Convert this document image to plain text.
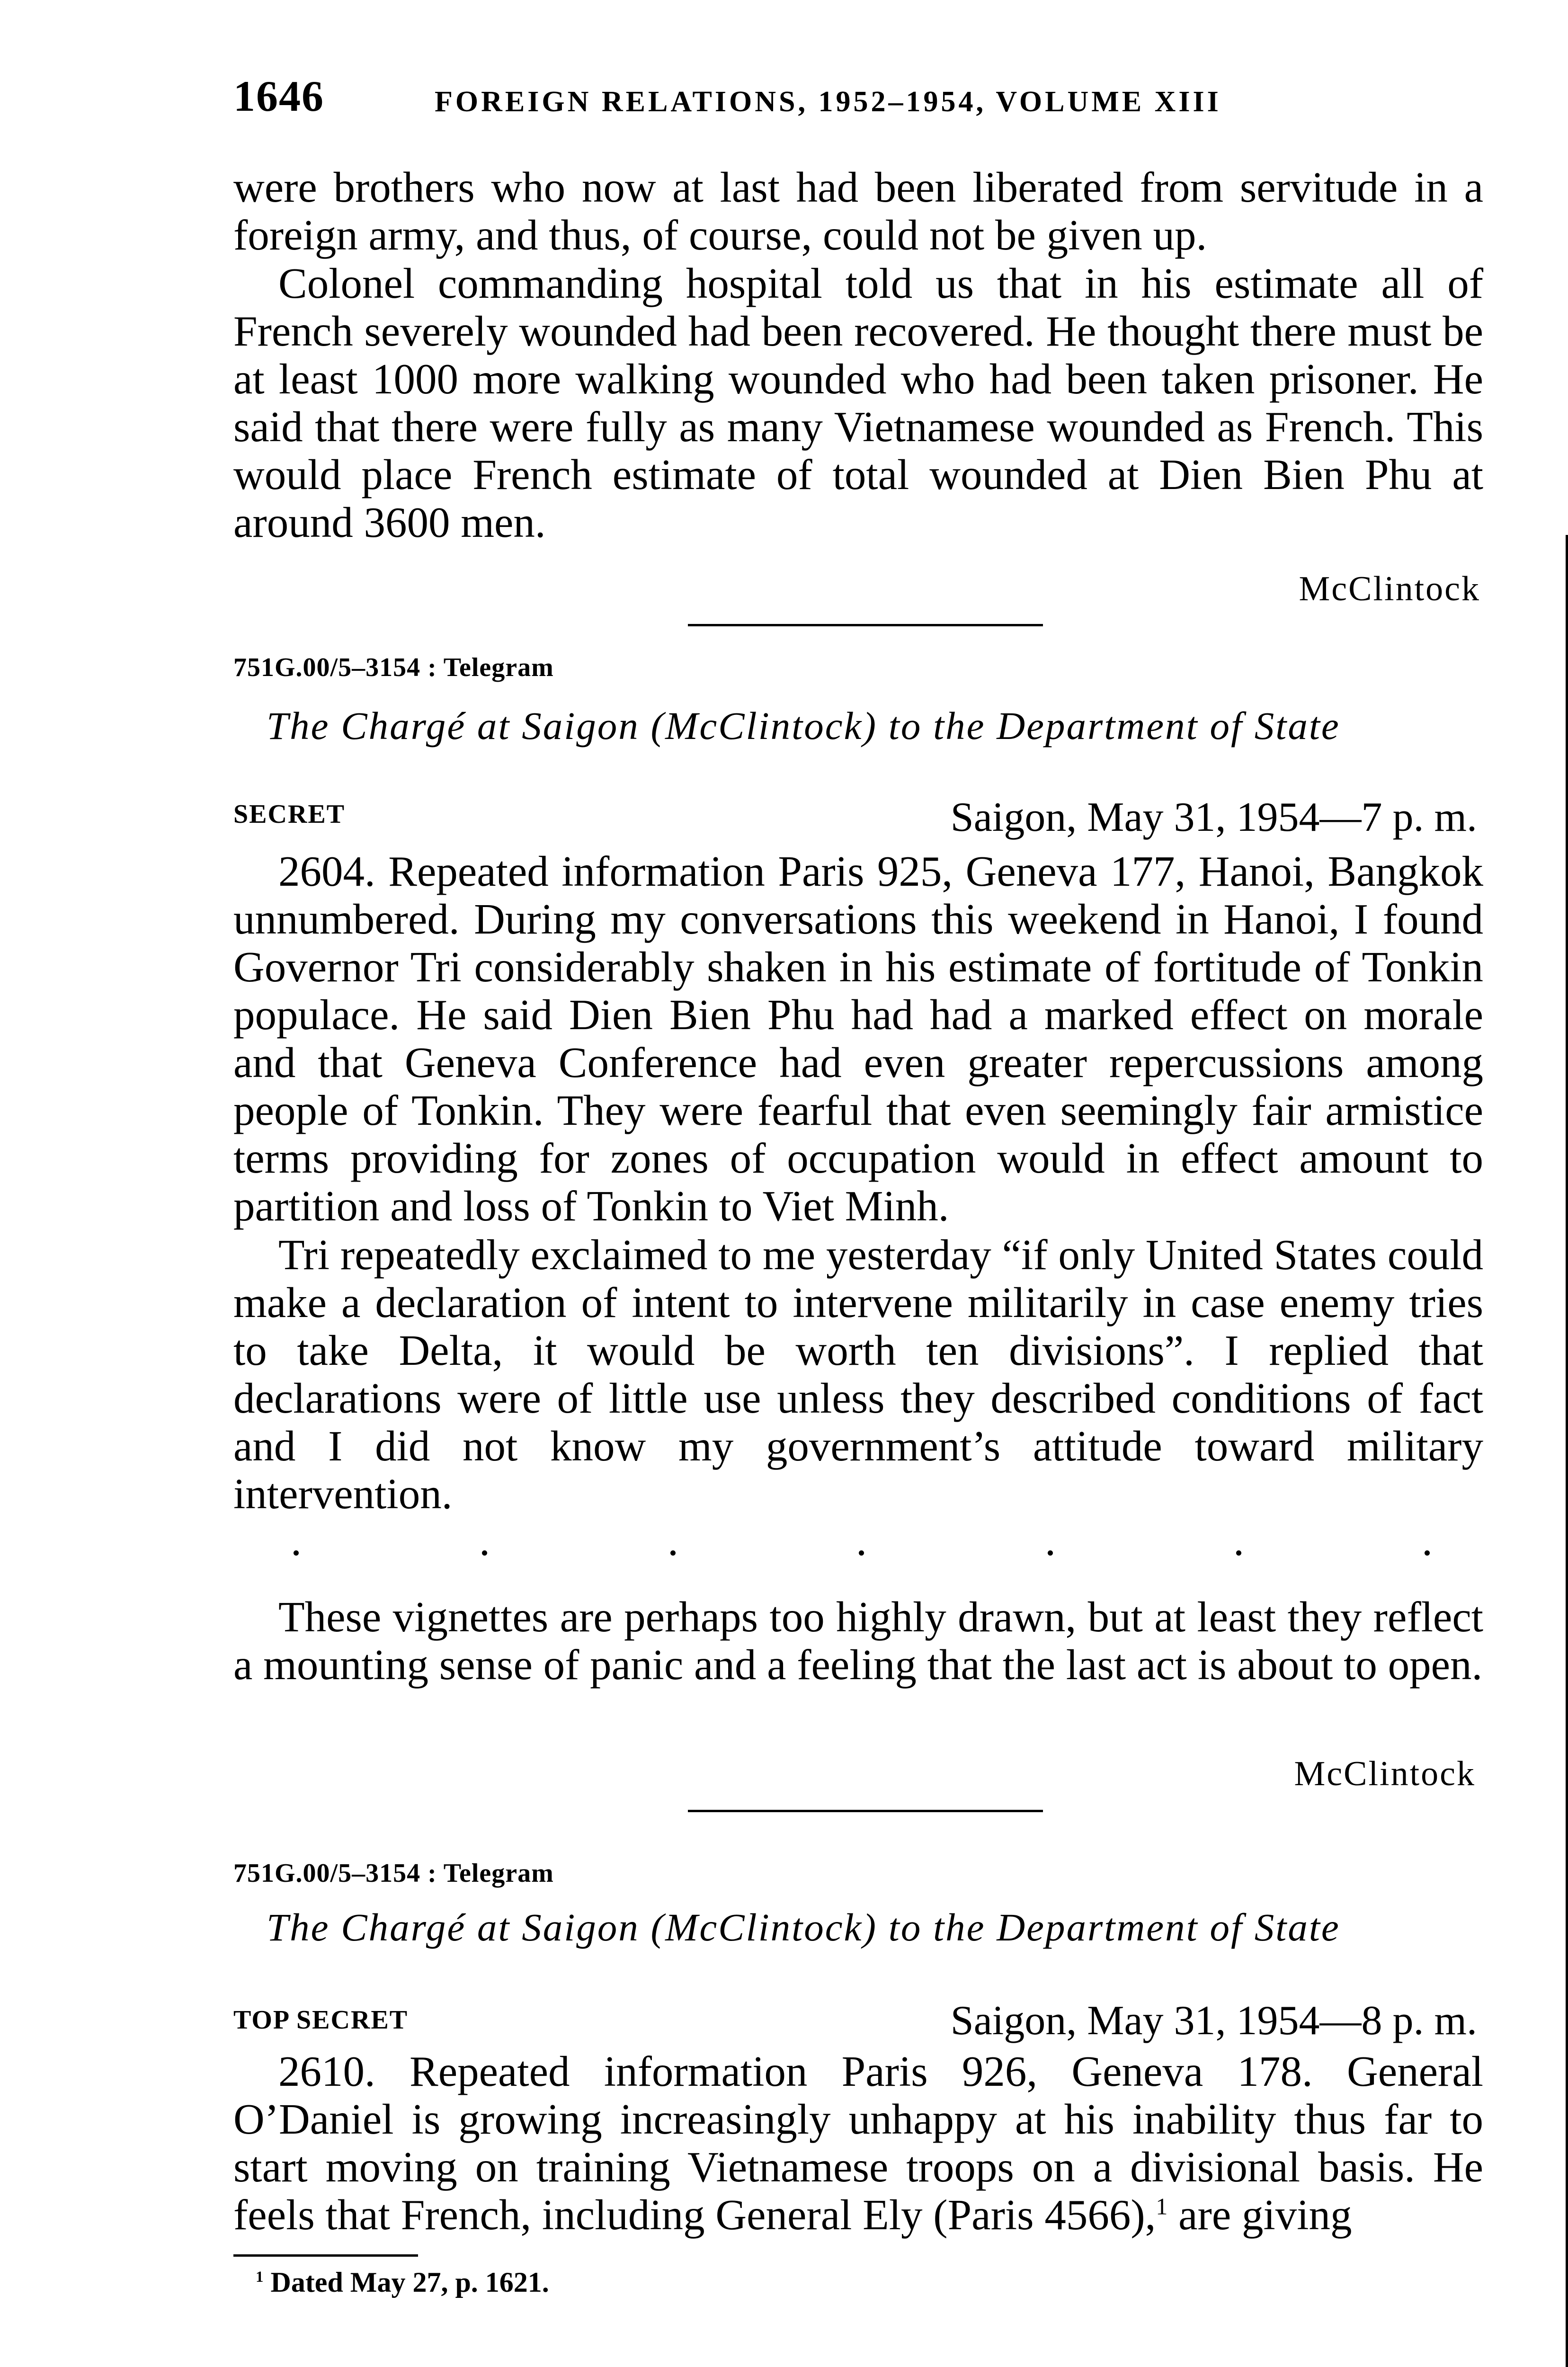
1646	FOREIGN RELATIONS, 1952–1954, VOLUME XIII

were brothers who now at last had been liberated from servitude in a foreign army, and thus, of course, could not be given up.

Colonel commanding hospital told us that in his estimate all of French severely wounded had been recovered. He thought there must be at least 1000 more walking wounded who had been taken prisoner. He said that there were fully as many Vietnamese wounded as French. This would place French estimate of total wounded at Dien Bien Phu at around 3600 men.

McClintock
751G.00/5–3154 : Telegram
The Chargé at Saigon (McClintock) to the Department of State
SECRET	Saigon, May 31, 1954—7 p. m.

2604. Repeated information Paris 925, Geneva 177, Hanoi, Bangkok unnumbered. During my conversations this weekend in Hanoi, I found Governor Tri considerably shaken in his estimate of fortitude of Tonkin populace. He said Dien Bien Phu had had a marked effect on morale and that Geneva Conference had even greater repercussions among people of Tonkin. They were fearful that even seemingly fair armistice terms providing for zones of occupation would in effect amount to partition and loss of Tonkin to Viet Minh.

Tri repeatedly exclaimed to me yesterday “if only United States could make a declaration of intent to intervene militarily in case enemy tries to take Delta, it would be worth ten divisions”. I replied that declarations were of little use unless they described conditions of fact and I did not know my government’s attitude toward military intervention.

These vignettes are perhaps too highly drawn, but at least they reflect a mounting sense of panic and a feeling that the last act is about to open.

McClintock
751G.00/5–3154 : Telegram
The Chargé at Saigon (McClintock) to the Department of State
TOP SECRET	Saigon, May 31, 1954—8 p. m.

2610. Repeated information Paris 926, Geneva 178. General O’Daniel is growing increasingly unhappy at his inability thus far to start moving on training Vietnamese troops on a divisional basis. He feels that French, including General Ely (Paris 4566),$^1$ are giving

$^1$ Dated May 27, p. 1621.
